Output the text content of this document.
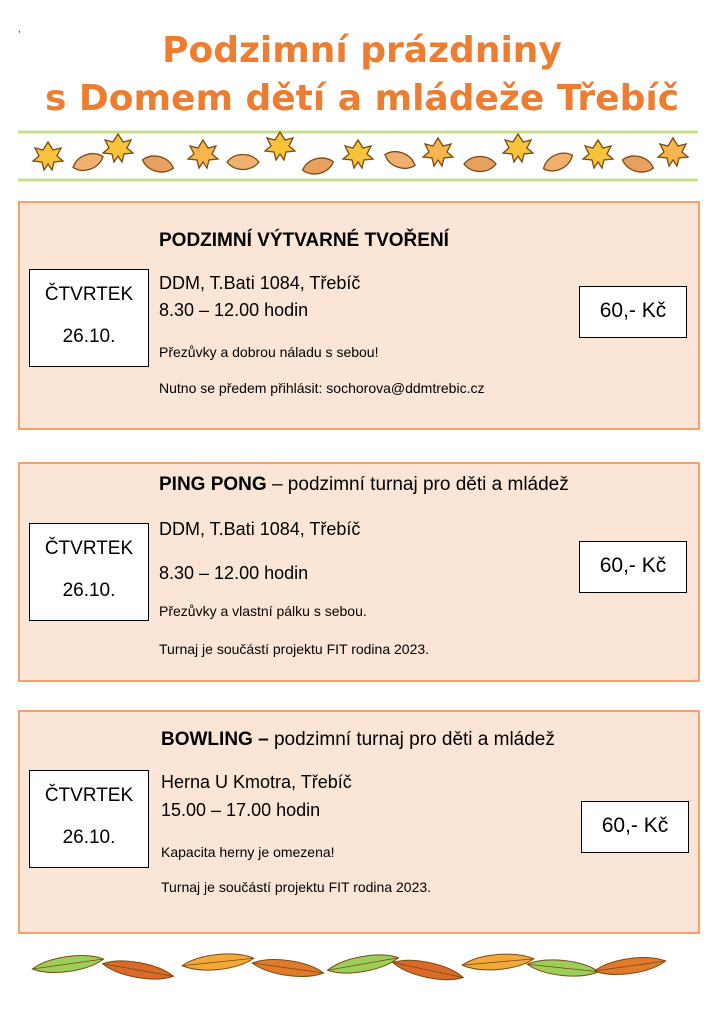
,
Podzimní prázdniny
s Domem dětí a mládeže Třebíč
PODZIMNÍ VÝTVARNÉ TVOŘENÍ
ČTVRTEK
26.10.
DDM, T.Bati 1084, Třebíč
8.30 – 12.00 hodin
Přezůvky a dobrou náladu s sebou!
Nutno se předem přihlásit: sochorova@ddmtrebic.cz
60,- Kč
PING PONG – podzimní turnaj pro děti a mládež
ČTVRTEK
26.10.
DDM, T.Bati 1084, Třebíč
8.30 – 12.00 hodin
Přezůvky a vlastní pálku s sebou.
Turnaj je součástí projektu FIT rodina 2023.
60,- Kč
BOWLING – podzimní turnaj pro děti a mládež
ČTVRTEK
26.10.
Herna U Kmotra, Třebíč
15.00 – 17.00 hodin
Kapacita herny je omezena!
Turnaj je součástí projektu FIT rodina 2023.
60,- Kč
